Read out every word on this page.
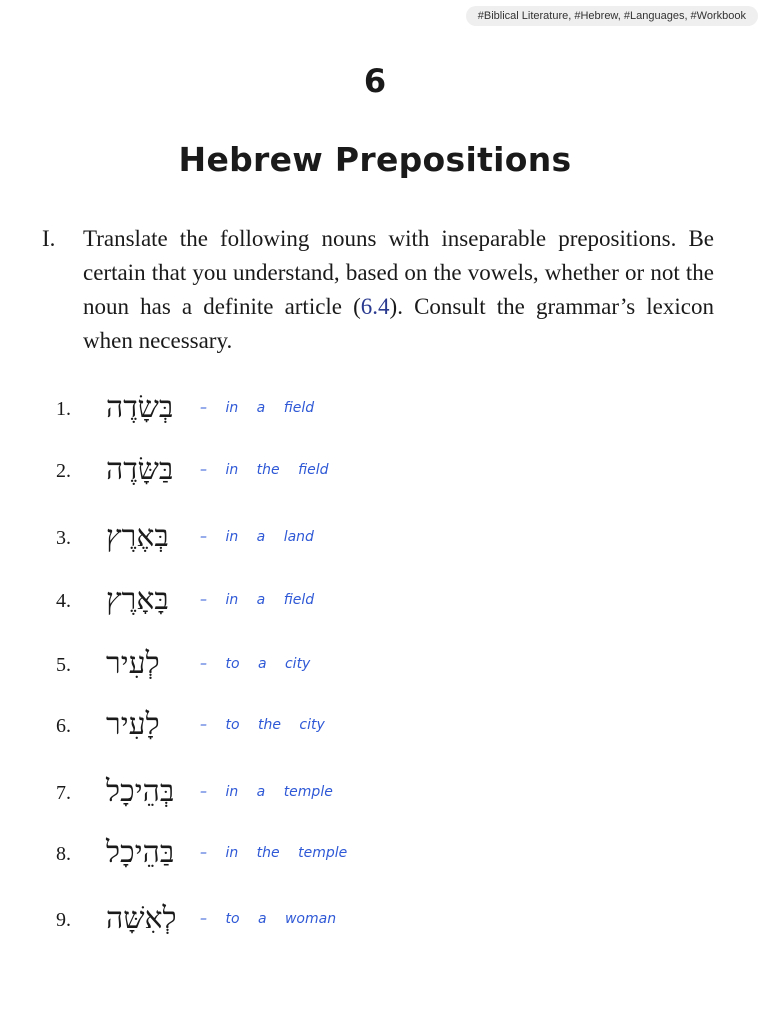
#Biblical Literature, #Hebrew, #Languages, #Workbook
6
Hebrew Prepositions
I.	Translate the following nouns with inseparable prepositions. Be certain that you understand, based on the vowels, whether or not the noun has a definite article (6.4). Consult the grammar’s lexicon when necessary.
1. בְּשָׂדֶה – in a field
2. בַּשָּׂדֶה – in the field
3. בְּאֶרֶץ – in a land
4. בָּאָרֶץ – in a field
5. לְעִיר	– to a city
6. לָעִיר	– to the city
7. בְּהֵיכָל – in a temple
8. בַּהֵיכָל – in the temple
9. לְאִשָּׁה – to a woman
